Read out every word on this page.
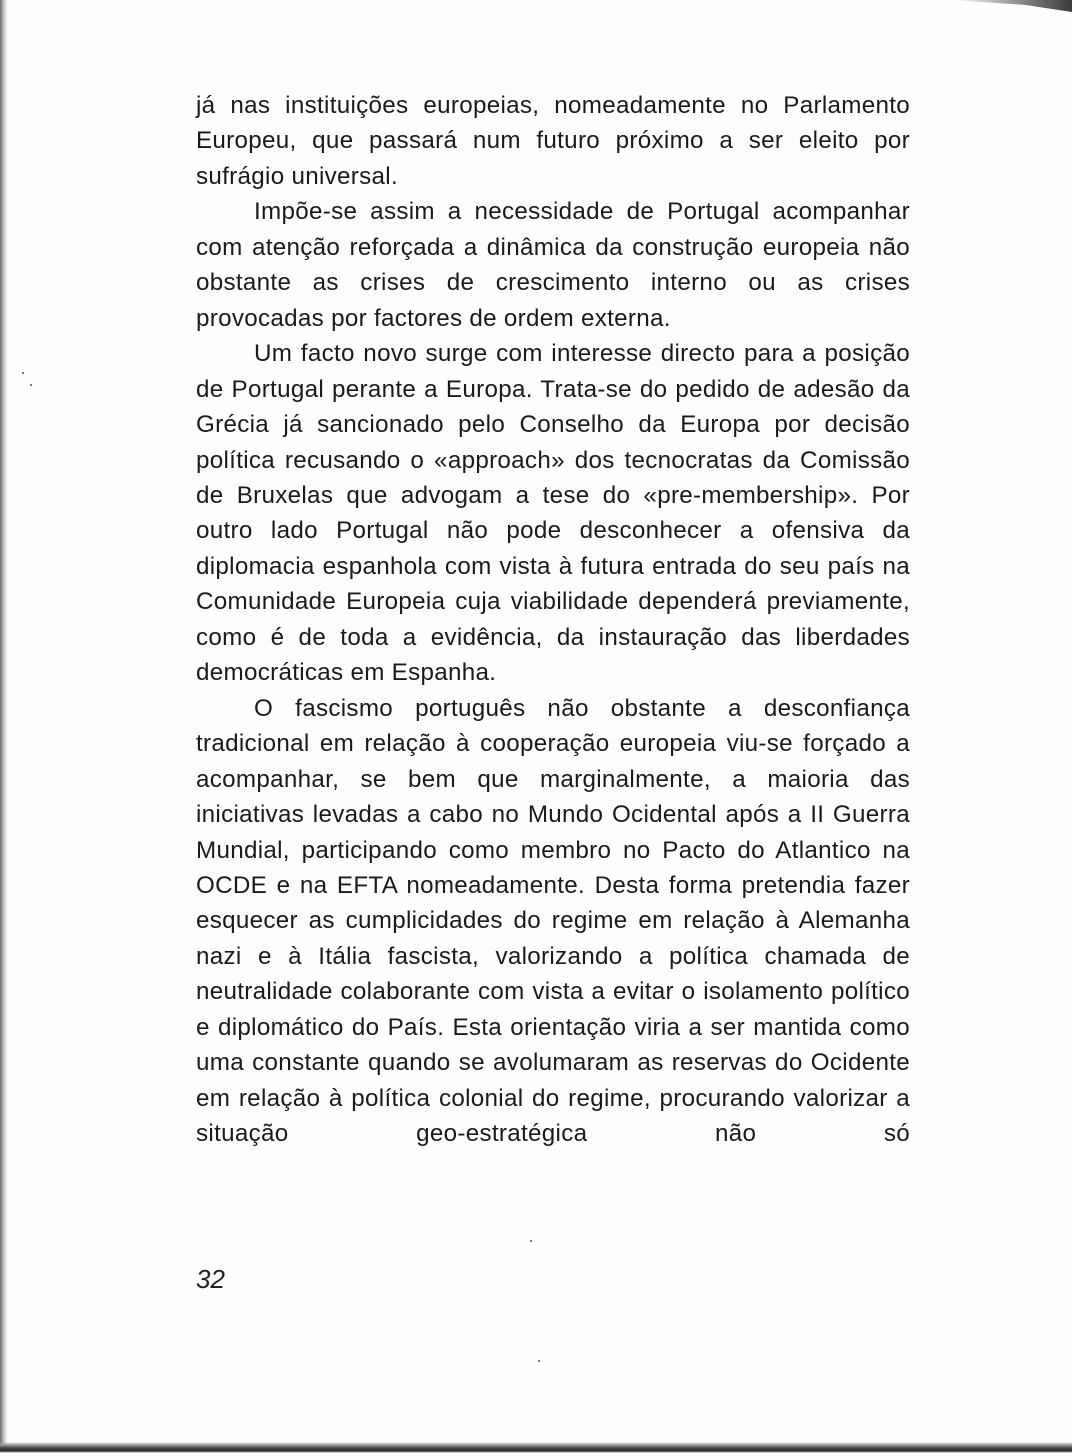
já nas instituições europeias, nomeadamente no Parlamento Europeu, que passará num futuro próximo a ser eleito por sufrágio universal.

Impõe-se assim a necessidade de Portugal acompanhar com atenção reforçada a dinâmica da construção europeia não obstante as crises de crescimento interno ou as crises provocadas por factores de ordem externa.

Um facto novo surge com interesse directo para a posição de Portugal perante a Europa. Trata-se do pedido de adesão da Grécia já sancionado pelo Conselho da Europa por decisão política recusando o «approach» dos tecnocratas da Comissão de Bruxelas que advogam a tese do «pre-membership». Por outro lado Portugal não pode desconhecer a ofensiva da diplomacia espanhola com vista à futura entrada do seu país na Comunidade Europeia cuja viabilidade dependerá previamente, como é de toda a evidência, da instauração das liberdades democráticas em Espanha.

O fascismo português não obstante a desconfiança tradicional em relação à cooperação europeia viu-se forçado a acompanhar, se bem que marginalmente, a maioria das iniciativas levadas a cabo no Mundo Ocidental após a II Guerra Mundial, participando como membro no Pacto do Atlantico na OCDE e na EFTA nomeadamente. Desta forma pretendia fazer esquecer as cumplicidades do regime em relação à Alemanha nazi e à Itália fascista, valorizando a política chamada de neutralidade colaborante com vista a evitar o isolamento político e diplomático do País. Esta orientação viria a ser mantida como uma constante quando se avolumaram as reservas do Ocidente em relação à política colonial do regime, procurando valorizar a situação geo-estratégica não só

32
